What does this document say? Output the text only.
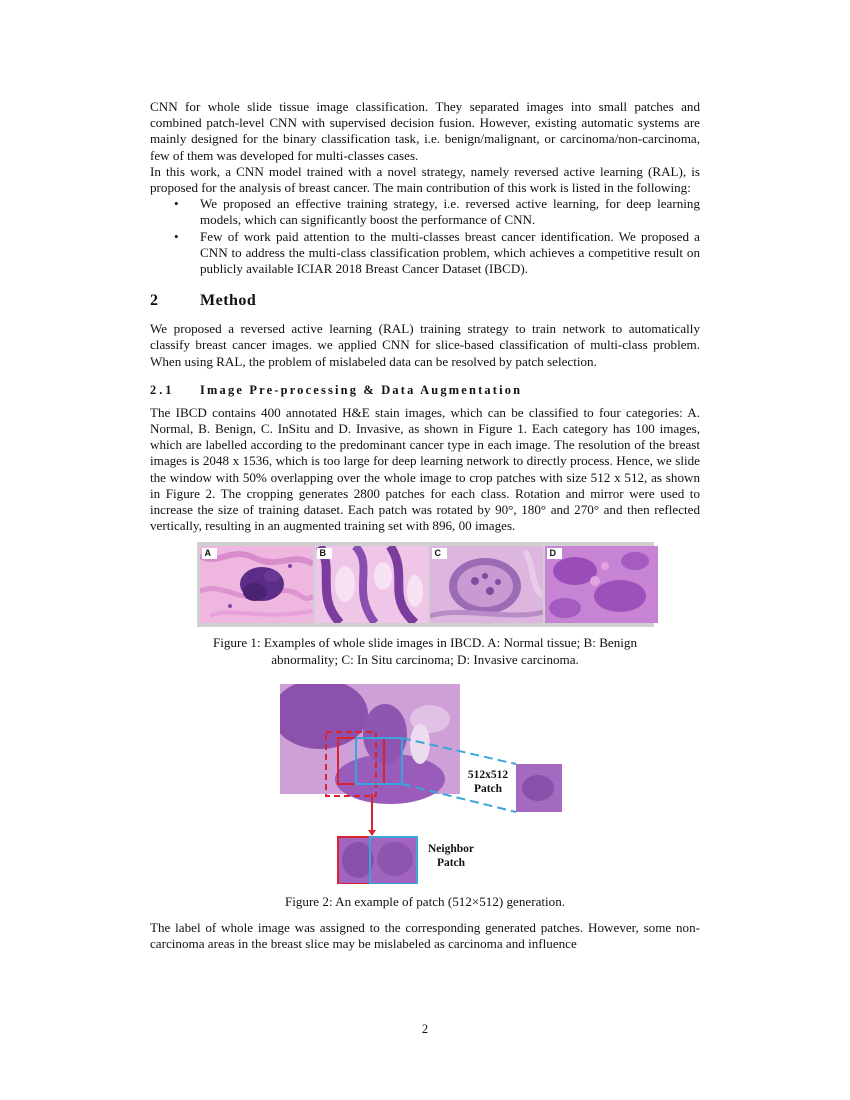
CNN for whole slide tissue image classification. They separated images into small patches and combined patch-level CNN with supervised decision fusion. However, existing automatic systems are mainly designed for the binary classification task, i.e. benign/malignant, or carcinoma/non-carcinoma, few of them was developed for multi-classes cases.

In this work, a CNN model trained with a novel strategy, namely reversed active learning (RAL), is proposed for the analysis of breast cancer. The main contribution of this work is listed in the following:

• We proposed an effective training strategy, i.e. reversed active learning, for deep learning models, which can significantly boost the performance of CNN.
• Few of work paid attention to the multi-classes breast cancer identification. We proposed a CNN to address the multi-class classification problem, which achieves a competitive result on publicly available ICIAR 2018 Breast Cancer Dataset (IBCD).
2	Method

We proposed a reversed active learning (RAL) training strategy to train network to automatically classify breast cancer images. we applied CNN for slice-based classification of multi-class problem. When using RAL, the problem of mislabeled data can be resolved by patch selection.

2.1 Image Pre-processing & Data Augmentation

The IBCD contains 400 annotated H&E stain images, which can be classified to four categories: A. Normal, B. Benign, C. InSitu and D. Invasive, as shown in Figure 1. Each category has 100 images, which are labelled according to the predominant cancer type in each image. The resolution of the breast images is 2048 x 1536, which is too large for deep learning network to directly process. Hence, we slide the window with 50% overlapping over the whole image to crop patches with size 512 x 512, as shown in Figure 2. The cropping generates 2800 patches for each class. Rotation and mirror were used to increase the size of training dataset. Each patch was rotated by 90°, 180° and 270° and then reflected vertically, resulting in an augmented training set with 896, 00 images.

A	B	C	D

Figure 1: Examples of whole slide images in IBCD. A: Normal tissue; B: Benign abnormality; C: In Situ carcinoma; D: Invasive carcinoma.

512x512
Patch
Neighbor
Patch

Figure 2: An example of patch (512×512) generation.

The label of whole image was assigned to the corresponding generated patches. However, some non-carcinoma areas in the breast slice may be mislabeled as carcinoma and influence

2
